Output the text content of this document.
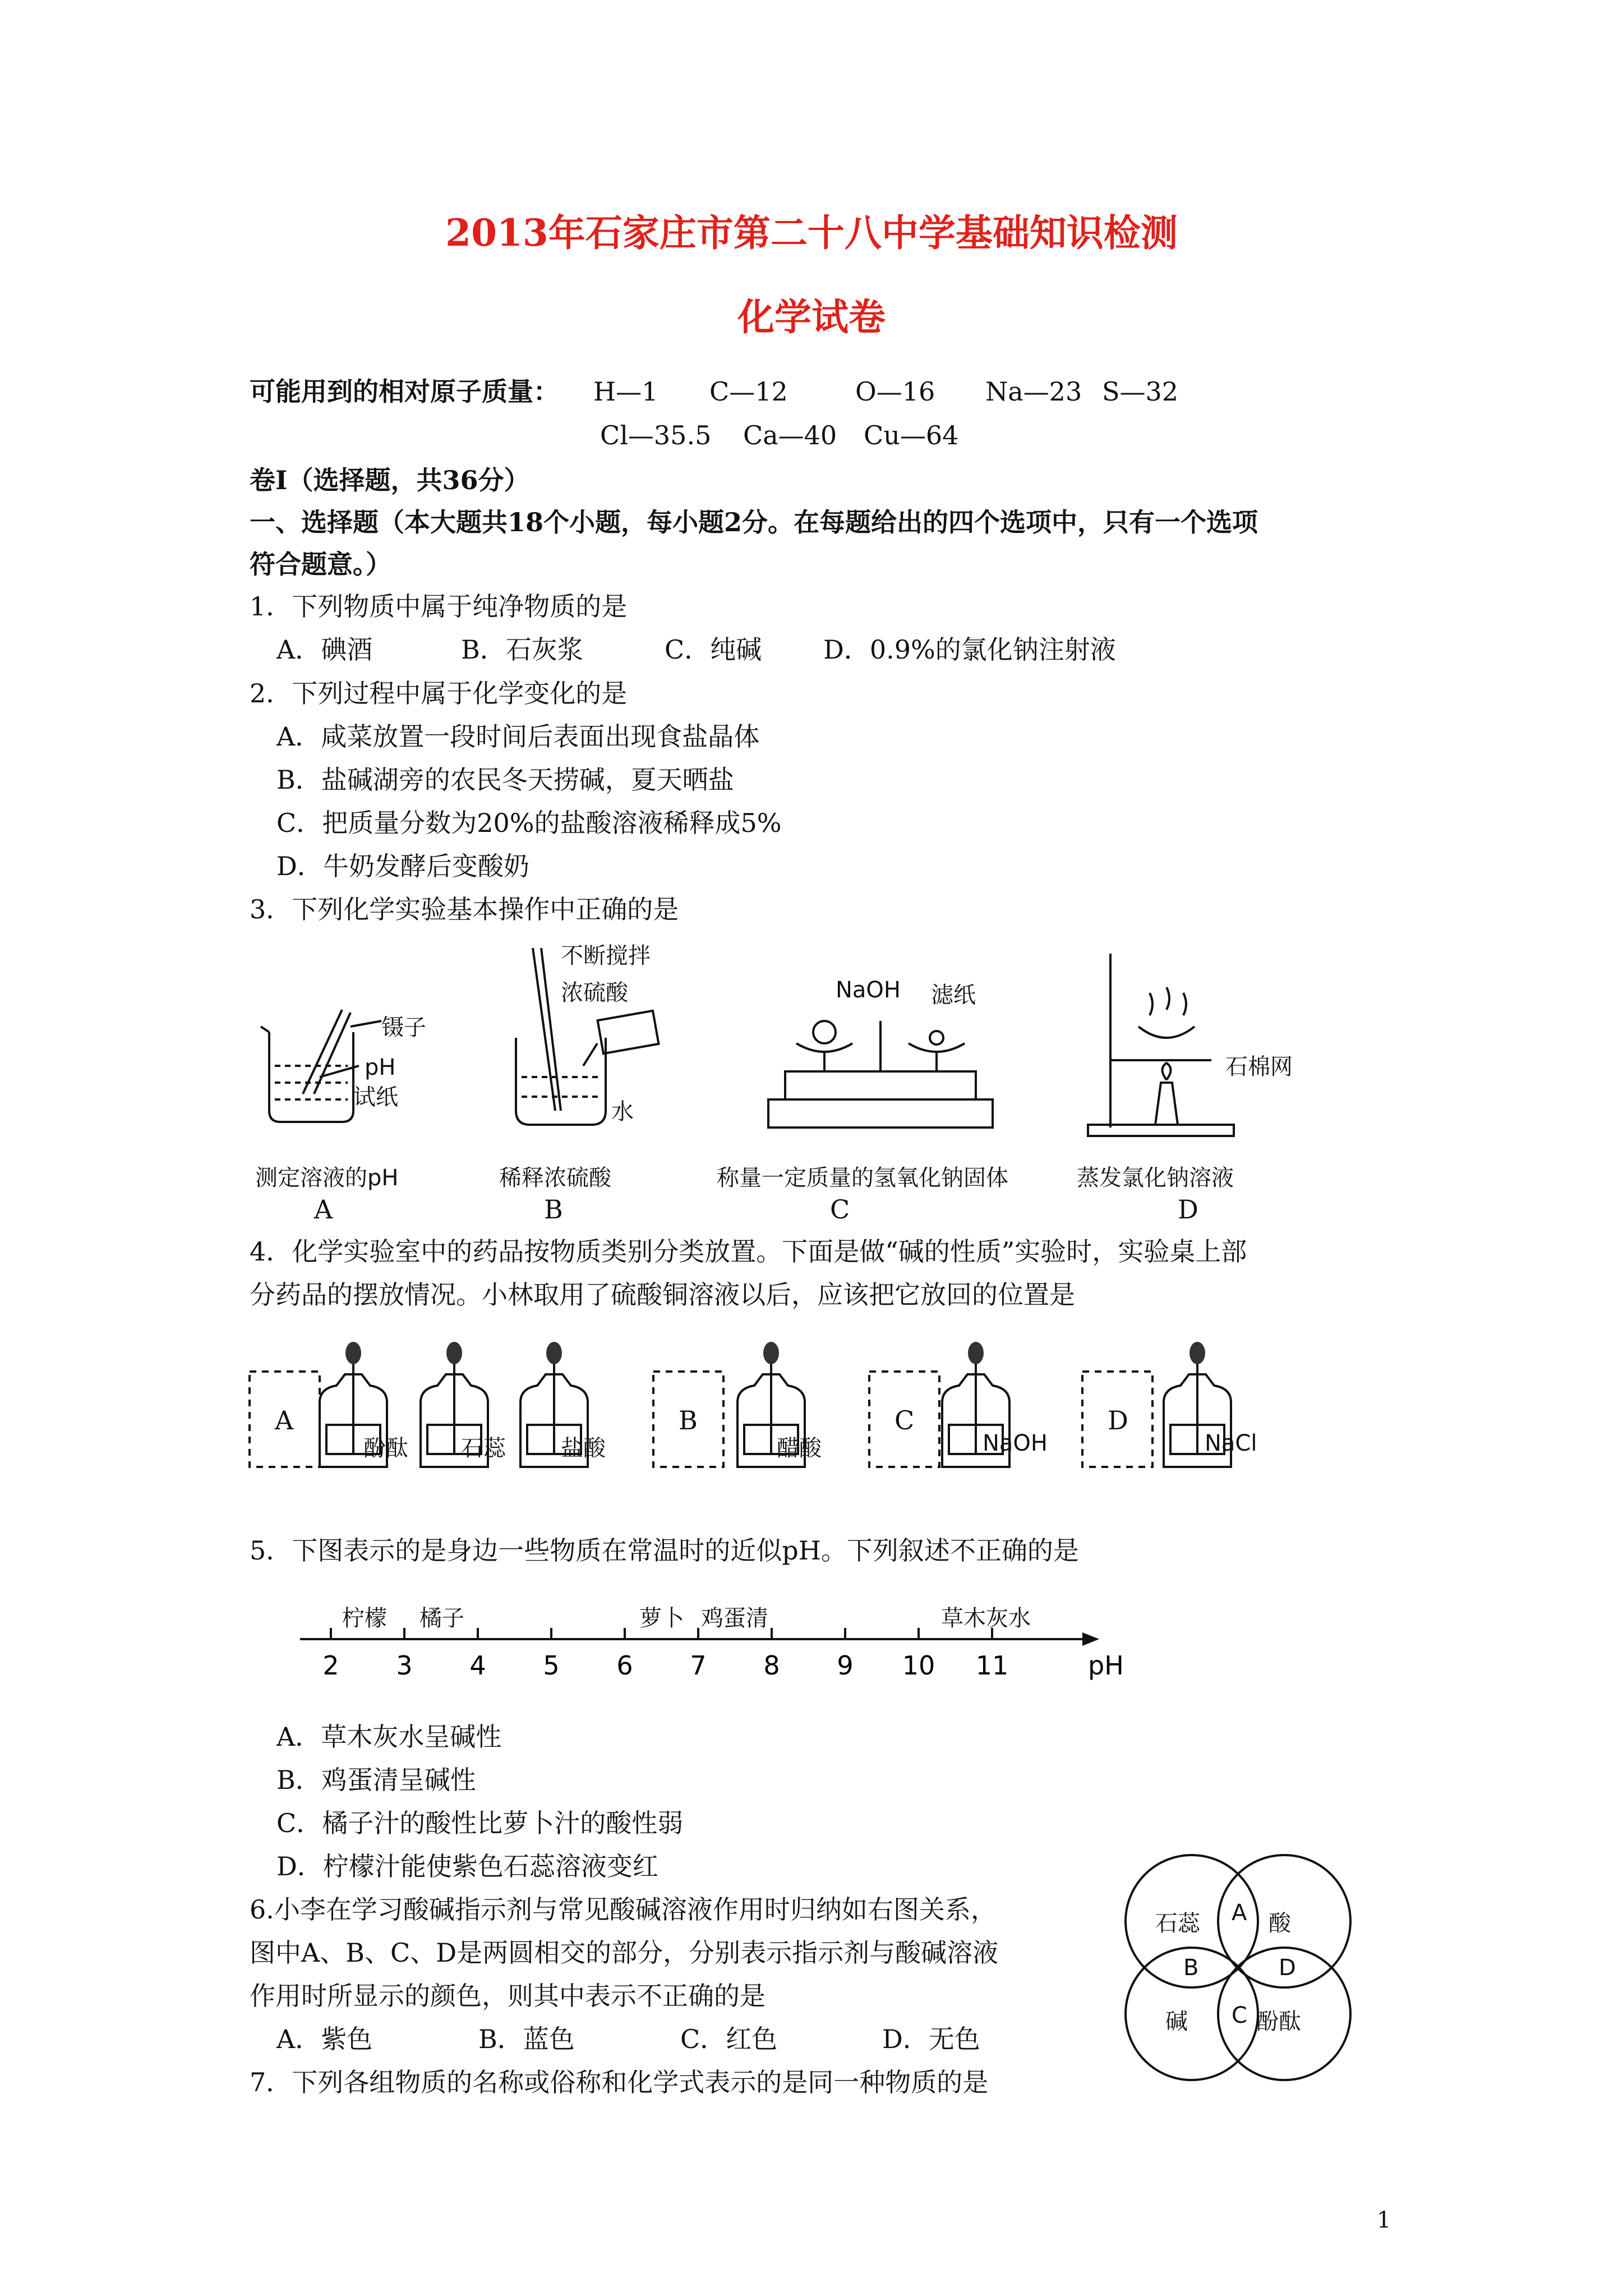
2013年石家庄市第二十八中学基础知识检测
化学试卷
可能用到的相对原子质量： H—1 C—12	O—16 Na—23 S—32
Cl—35.5 Ca—40 Cu—64
卷Ⅰ（选择题，共36分）
一、选择题（本大题共18个小题，每小题2分。在每题给出的四个选项中，只有一个选项
符合题意。）
1．下列物质中属于纯净物质的是
A．碘酒	B．石灰浆	C．纯碱 D．0.9%的氯化钠注射液
2．下列过程中属于化学变化的是
A．咸菜放置一段时间后表面出现食盐晶体
B．盐碱湖旁的农民冬天捞碱，夏天晒盐
C．把质量分数为20%的盐酸溶液稀释成5%
D．牛奶发酵后变酸奶
3．下列化学实验基本操作中正确的是
镊子
pH
试纸
测定溶液的pH
A
不断搅拌
浓硫酸
水
稀释浓硫酸
B
NaOH 滤纸
称量一定质量的氢氧化钠固体
C
石棉网
蒸发氯化钠溶液
D
4．化学实验室中的药品按物质类别分类放置。下面是做“碱的性质”实验时，实验桌上部
分药品的摆放情况。小林取用了硫酸铜溶液以后，应该把它放回的位置是
A	B	C	D
酚酞 石蕊 盐酸	醋酸	NaOH	NaCl
5．下图表示的是身边一些物质在常温时的近似pH。下列叙述不正确的是
2 3 4 5 6 7 8 9 10 11	pH
柠檬 橘子	萝卜 鸡蛋清	草木灰水
A．草木灰水呈碱性
B．鸡蛋清呈碱性
C．橘子汁的酸性比萝卜汁的酸性弱
D．柠檬汁能使紫色石蕊溶液变红
6.小李在学习酸碱指示剂与常见酸碱溶液作用时归纳如右图关系，
图中A、B、C、D是两圆相交的部分，分别表示指示剂与酸碱溶液
作用时所显示的颜色，则其中表示不正确的是
A．紫色	B．蓝色	C．红色	D．无色
石蕊	酸
碱	酚酞
A
B
C
D
7．下列各组物质的名称或俗称和化学式表示的是同一种物质的是
1
